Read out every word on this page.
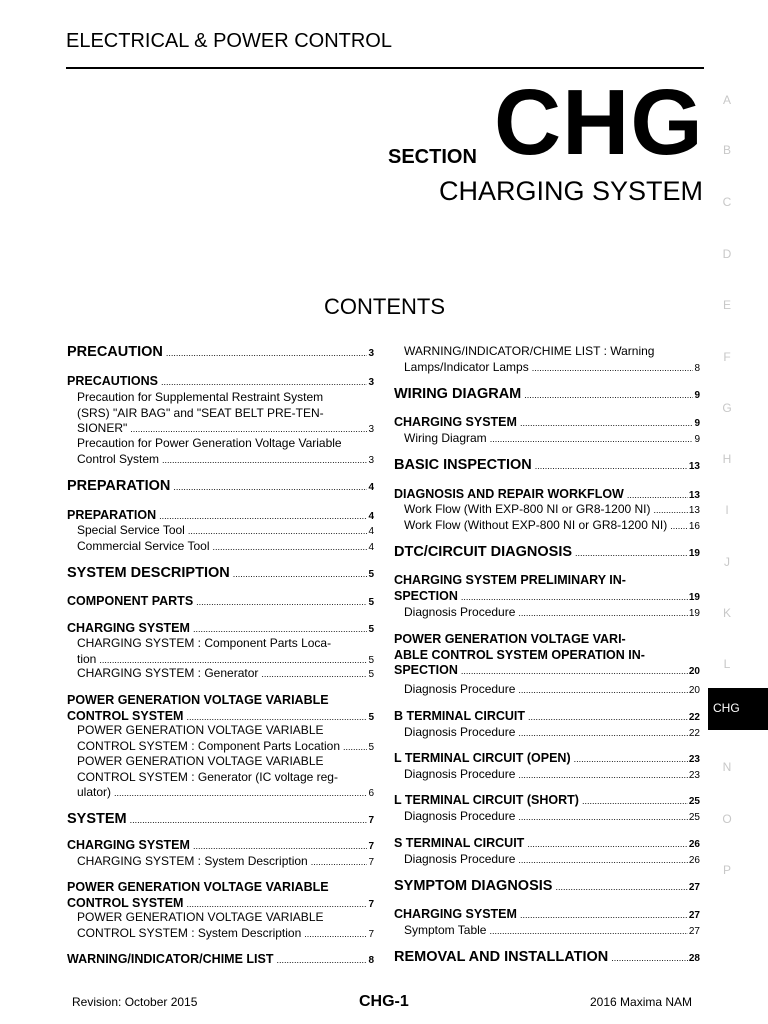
ELECTRICAL & POWER CONTROL
SECTION CHG
CHARGING SYSTEM
CONTENTS
A
B
C
D
E
F
G
H
I
J
K
L
N
O
P
CHG
PRECAUTION .....	3
PRECAUTIONS .....	3
Precaution for Supplemental Restraint System
(SRS) "AIR BAG" and "SEAT BELT PRE-TEN-
SIONER" .....	3
Precaution for Power Generation Voltage Variable
Control System .....	3
PREPARATION .....	4
PREPARATION .....	4
Special Service Tool .....	4
Commercial Service Tool .....	4
SYSTEM DESCRIPTION .....	5
COMPONENT PARTS .....	5
CHARGING SYSTEM .....	5
CHARGING SYSTEM : Component Parts Loca-
tion .....	5
CHARGING SYSTEM : Generator .....	5
POWER GENERATION VOLTAGE VARIABLE
CONTROL SYSTEM .....	5
POWER GENERATION VOLTAGE VARIABLE
CONTROL SYSTEM : Component Parts Location .....	5
POWER GENERATION VOLTAGE VARIABLE
CONTROL SYSTEM : Generator (IC voltage reg-
ulator) .....	6
SYSTEM .....	7
CHARGING SYSTEM .....	7
CHARGING SYSTEM : System Description .....	7
POWER GENERATION VOLTAGE VARIABLE
CONTROL SYSTEM .....	7
POWER GENERATION VOLTAGE VARIABLE
CONTROL SYSTEM : System Description .....	7
WARNING/INDICATOR/CHIME LIST .....	8
WARNING/INDICATOR/CHIME LIST : Warning
Lamps/Indicator Lamps .....	8
WIRING DIAGRAM .....	9
CHARGING SYSTEM .....	9
Wiring Diagram .....	9
BASIC INSPECTION .....	13
DIAGNOSIS AND REPAIR WORKFLOW .....	13
Work Flow (With EXP-800 NI or GR8-1200 NI) .....	13
Work Flow (Without EXP-800 NI or GR8-1200 NI) ..... 16
DTC/CIRCUIT DIAGNOSIS .....	19
CHARGING SYSTEM PRELIMINARY IN-
SPECTION .....	19
Diagnosis Procedure .....	19
POWER GENERATION VOLTAGE VARI-
ABLE CONTROL SYSTEM OPERATION IN-
SPECTION .....	20
Diagnosis Procedure .....	20
B TERMINAL CIRCUIT .....	22
Diagnosis Procedure .....	22
L TERMINAL CIRCUIT (OPEN) .....	23
Diagnosis Procedure .....	23
L TERMINAL CIRCUIT (SHORT) .....	25
Diagnosis Procedure .....	25
S TERMINAL CIRCUIT .....	26
Diagnosis Procedure .....	26
SYMPTOM DIAGNOSIS .....	27
CHARGING SYSTEM .....	27
Symptom Table .....	27
REMOVAL AND INSTALLATION .....	28
Revision: October 2015	CHG-1	2016 Maxima NAM
